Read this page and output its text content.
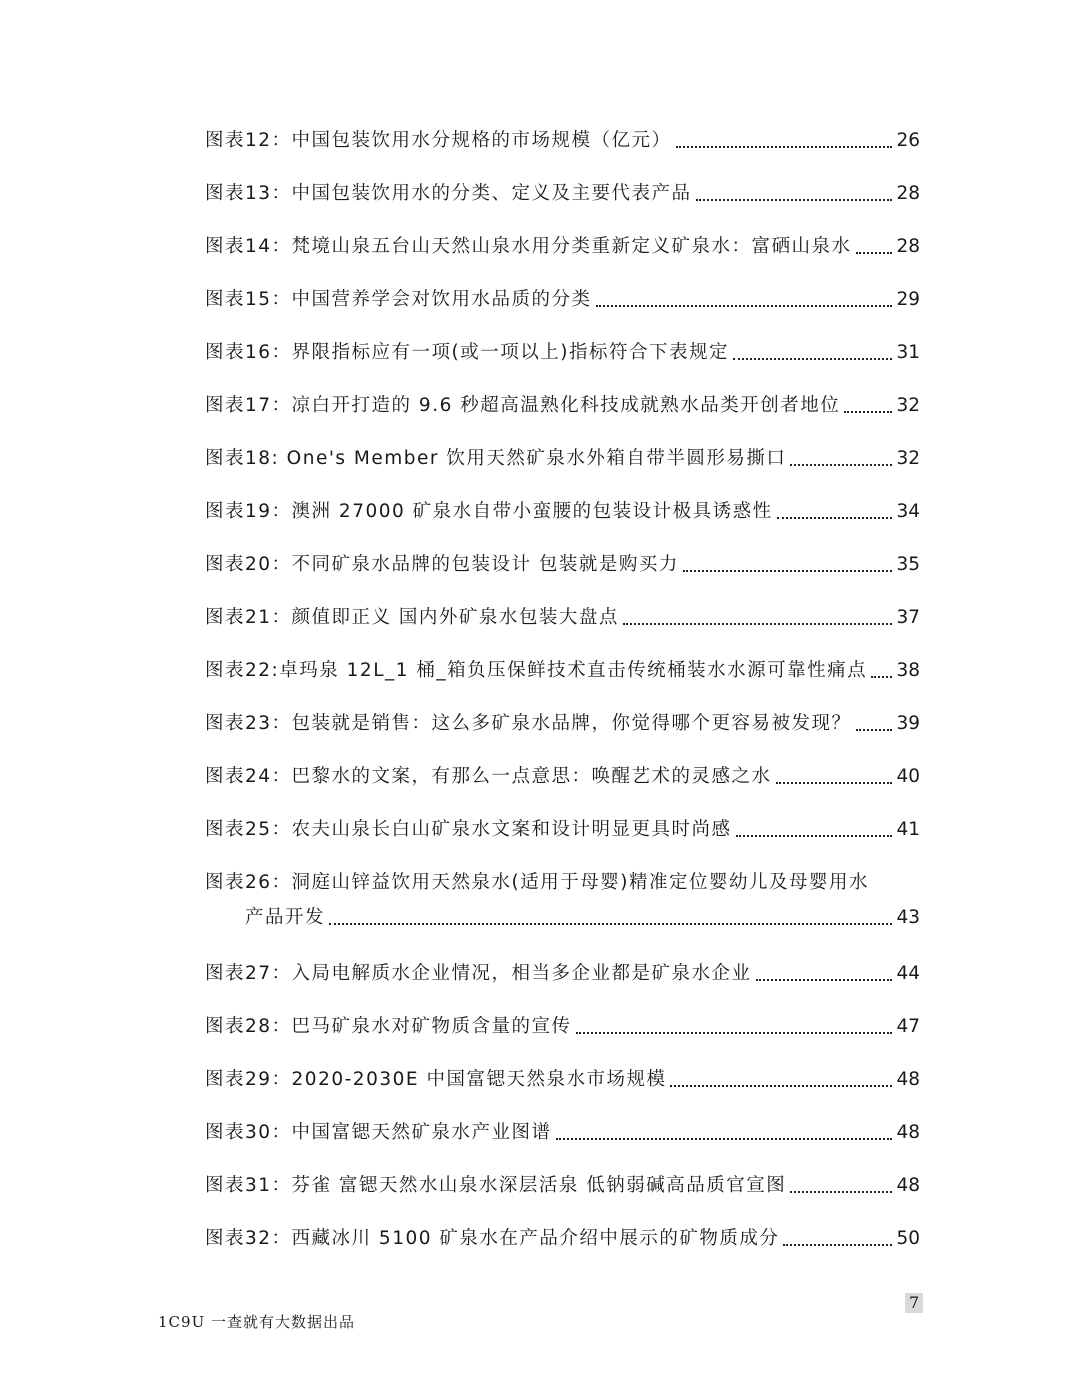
图表12：中国包装饮用水分规格的市场规模（亿元）	26
图表13：中国包装饮用水的分类、定义及主要代表产品	28
图表14：梵境山泉五台山天然山泉水用分类重新定义矿泉水：富硒山泉水 28
图表15：中国营养学会对饮用水品质的分类	29
图表16：界限指标应有一项(或一项以上)指标符合下表规定	31
图表17：凉白开打造的 9.6 秒超高温熟化科技成就熟水品类开创者地位	32
图表18: One's Member 饮用天然矿泉水外箱自带半圆形易撕口	32
图表19：澳洲 27000 矿泉水自带小蛮腰的包装设计极具诱惑性	34
图表20：不同矿泉水品牌的包装设计 包装就是购买力	35
图表21：颜值即正义 国内外矿泉水包装大盘点	37
图表22:卓玛泉 12L_1 桶_箱负压保鲜技术直击传统桶装水水源可靠性痛点 38
图表23：包装就是销售：这么多矿泉水品牌，你觉得哪个更容易被发现？ 39
图表24：巴黎水的文案，有那么一点意思：唤醒艺术的灵感之水	40
图表25：农夫山泉长白山矿泉水文案和设计明显更具时尚感	41
图表26：洞庭山锌益饮用天然泉水(适用于母婴)精准定位婴幼儿及母婴用水
产品开发	43
图表27：入局电解质水企业情况，相当多企业都是矿泉水企业	44
图表28：巴马矿泉水对矿物质含量的宣传	47
图表29：2020-2030E 中国富锶天然泉水市场规模	48
图表30：中国富锶天然矿泉水产业图谱	48
图表31：芬雀 富锶天然水山泉水深层活泉 低钠弱碱高品质官宣图	48
图表32：西藏冰川 5100 矿泉水在产品介绍中展示的矿物质成分	50
7
1C9U 一查就有大数据出品
